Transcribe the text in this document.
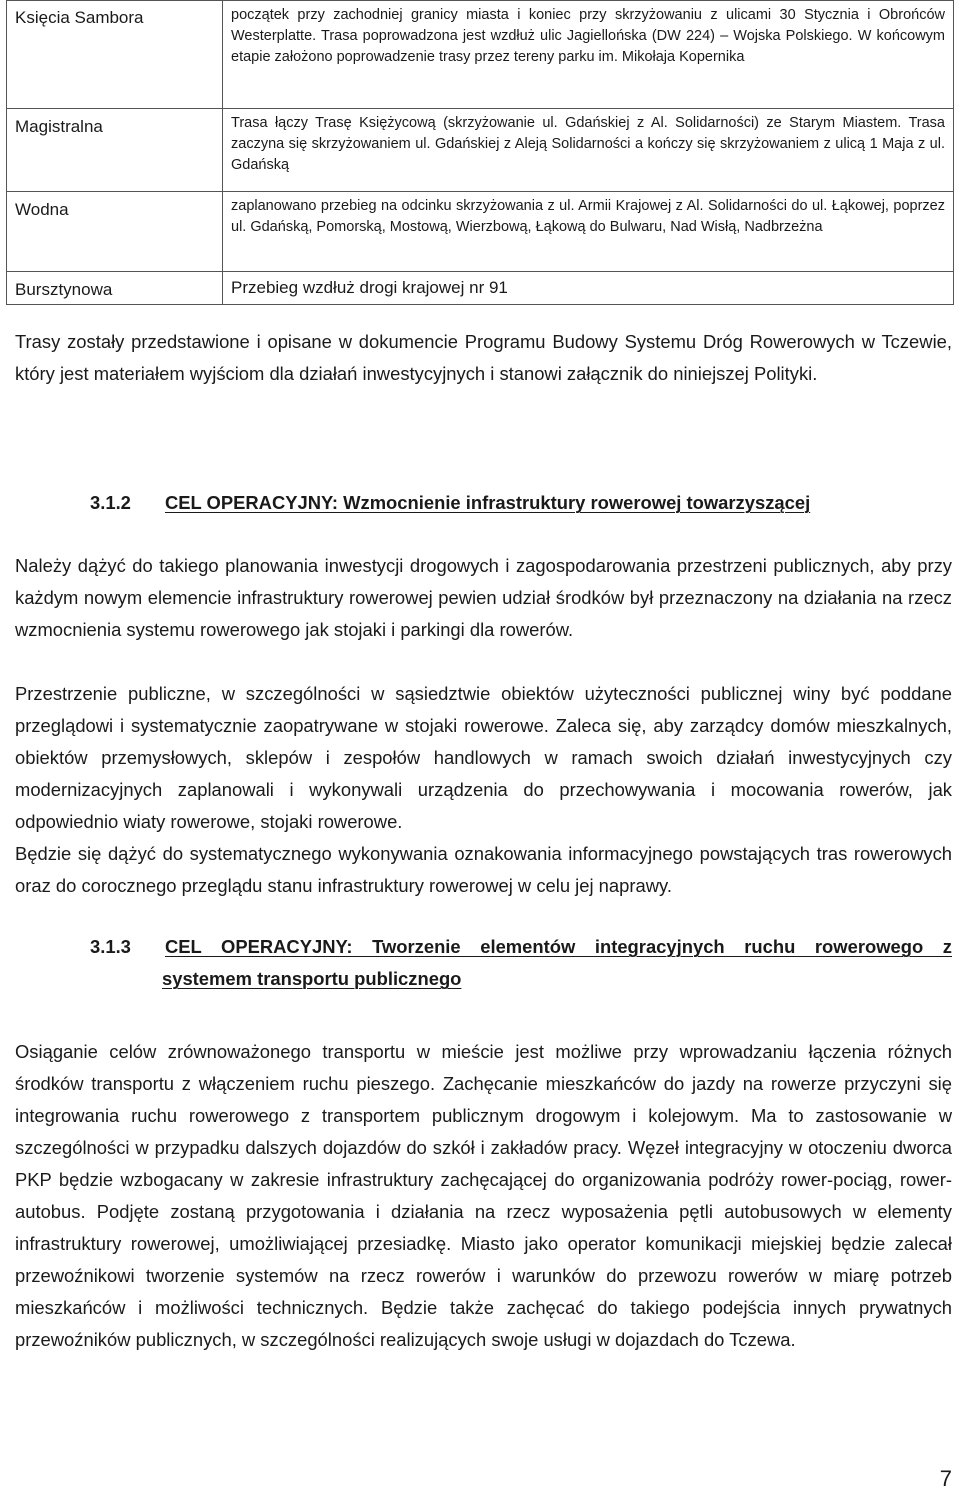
Księcia Sambora	początek przy zachodniej granicy miasta i koniec przy skrzyżowaniu z ulicami 30 Stycznia i Obrońców Westerplatte. Trasa poprowadzona jest wzdłuż ulic Jagiellońska (DW 224) – Wojska Polskiego. W końcowym etapie założono poprowadzenie trasy przez tereny parku im. Mikołaja Kopernika
Magistralna	Trasa łączy Trasę Księżycową (skrzyżowanie ul. Gdańskiej z Al. Solidarności) ze Starym Miastem. Trasa zaczyna się skrzyżowaniem ul. Gdańskiej z Aleją Solidarności a kończy się skrzyżowaniem z ulicą 1 Maja z ul. Gdańską
Wodna	zaplanowano przebieg na odcinku skrzyżowania z ul. Armii Krajowej z Al. Solidarności do ul. Łąkowej, poprzez ul. Gdańską, Pomorską, Mostową, Wierzbową, Łąkową do Bulwaru, Nad Wisłą, Nadbrzeżna
Bursztynowa	Przebieg wzdłuż drogi krajowej nr 91

Trasy zostały przedstawione i opisane w dokumencie Programu Budowy Systemu Dróg Rowerowych w Tczewie, który jest materiałem wyjściom dla działań inwestycyjnych i stanowi załącznik do niniejszej Polityki.

3.1.2 CEL OPERACYJNY: Wzmocnienie infrastruktury rowerowej towarzyszącej

Należy dążyć do takiego planowania inwestycji drogowych i zagospodarowania przestrzeni publicznych, aby przy każdym nowym elemencie infrastruktury rowerowej pewien udział środków był przeznaczony na działania na rzecz wzmocnienia systemu rowerowego jak stojaki i parkingi dla rowerów.

Przestrzenie publiczne, w szczególności w sąsiedztwie obiektów użyteczności publicznej winy być poddane przeglądowi i systematycznie zaopatrywane w stojaki rowerowe. Zaleca się, aby zarządcy domów mieszkalnych, obiektów przemysłowych, sklepów i zespołów handlowych w ramach swoich działań inwestycyjnych czy modernizacyjnych zaplanowali i wykonywali urządzenia do przechowywania i mocowania rowerów, jak odpowiednio wiaty rowerowe, stojaki rowerowe.

Będzie się dążyć do systematycznego wykonywania oznakowania informacyjnego powstających tras rowerowych oraz do corocznego przeglądu stanu infrastruktury rowerowej w celu jej naprawy.

3.1.3 CEL OPERACYJNY: Tworzenie elementów integracyjnych ruchu rowerowego z
systemem transportu publicznego

Osiąganie celów zrównoważonego transportu w mieście jest możliwe przy wprowadzaniu łączenia różnych środków transportu z włączeniem ruchu pieszego. Zachęcanie mieszkańców do jazdy na rowerze przyczyni się integrowania ruchu rowerowego z transportem publicznym drogowym i kolejowym. Ma to zastosowanie w szczególności w przypadku dalszych dojazdów do szkół i zakładów pracy. Węzeł integracyjny w otoczeniu dworca PKP będzie wzbogacany w zakresie infrastruktury zachęcającej do organizowania podróży rower-pociąg, rower-autobus. Podjęte zostaną przygotowania i działania na rzecz wyposażenia pętli autobusowych w elementy infrastruktury rowerowej, umożliwiającej przesiadkę. Miasto jako operator komunikacji miejskiej będzie zalecał przewoźnikowi tworzenie systemów na rzecz rowerów i warunków do przewozu rowerów w miarę potrzeb mieszkańców i możliwości technicznych. Będzie także zachęcać do takiego podejścia innych prywatnych przewoźników publicznych, w szczególności realizujących swoje usługi w dojazdach do Tczewa.

7
